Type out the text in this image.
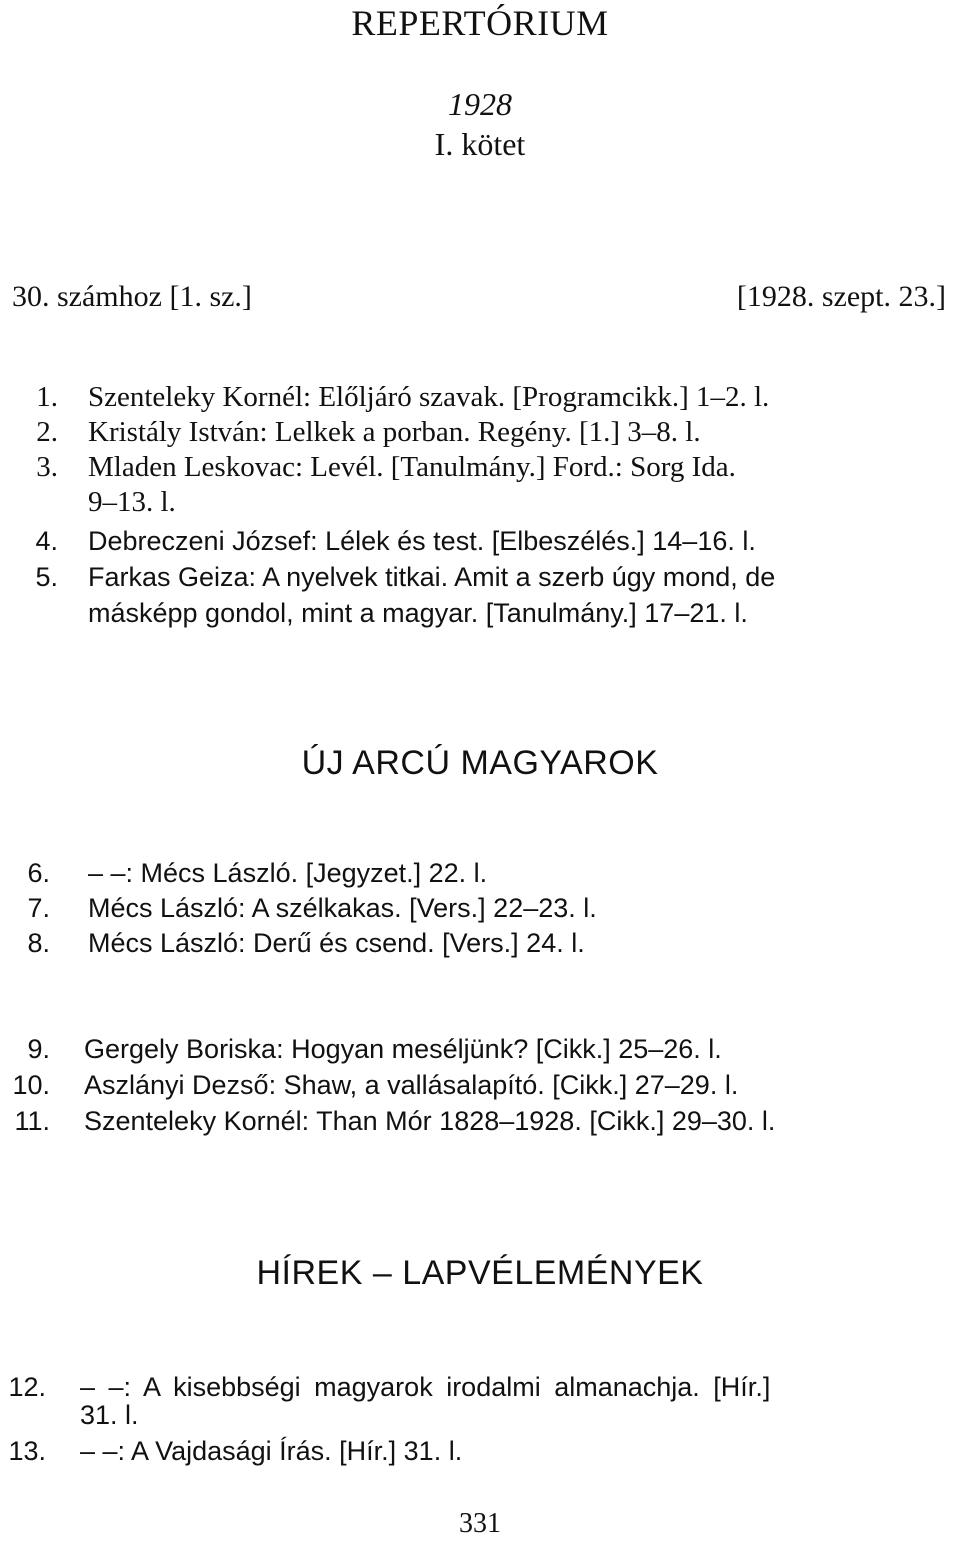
REPERTÓRIUM
1928
I. kötet
30. számhoz [1. sz.]	[1928. szept. 23.]
1. Szenteleky Kornél: Előljáró szavak. [Programcikk.] 1–2. l.
2. Kristály István: Lelkek a porban. Regény. [1.] 3–8. l.
3. Mladen Leskovac: Levél. [Tanulmány.] Ford.: Sorg Ida.
9–13. l.
4. Debreczeni József: Lélek és test. [Elbeszélés.] 14–16. l.
5. Farkas Geiza: A nyelvek titkai. Amit a szerb úgy mond, de
másképp gondol, mint a magyar. [Tanulmány.] 17–21. l.
ÚJ ARCÚ MAGYAROK
6. – –: Mécs László. [Jegyzet.] 22. l.
7. Mécs László: A szélkakas. [Vers.] 22–23. l.
8. Mécs László: Derű és csend. [Vers.] 24. l.
9. Gergely Boriska: Hogyan meséljünk? [Cikk.] 25–26. l.
10. Aszlányi Dezső: Shaw, a vallásalapító. [Cikk.] 27–29. l.
11. Szenteleky Kornél: Than Mór 1828–1928. [Cikk.] 29–30. l.
HÍREK – LAPVÉLEMÉNYEK
12. – –: A kisebbségi magyarok irodalmi almanachja. [Hír.]
31. l.
13. – –: A Vajdasági Írás. [Hír.] 31. l.
331
